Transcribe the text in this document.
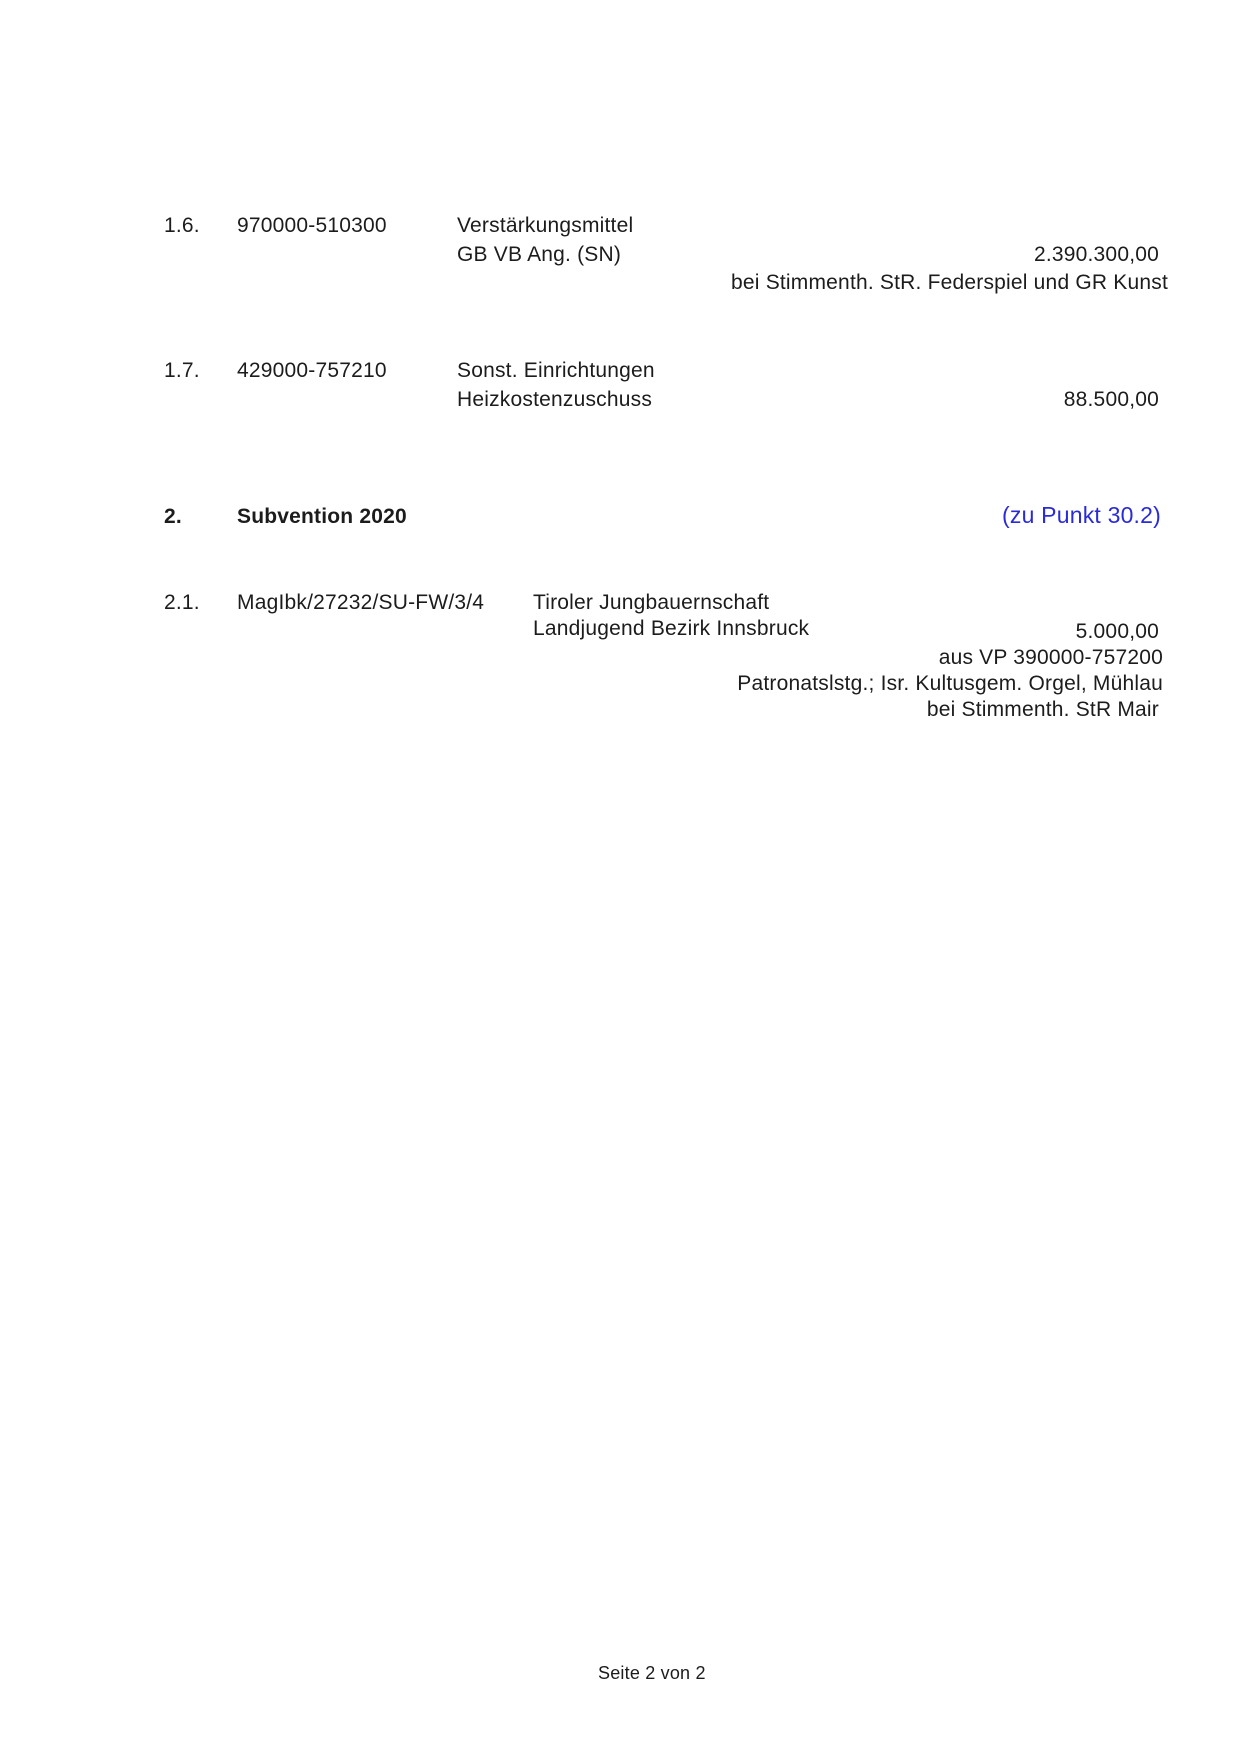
1.6. 970000-510300	Verstärkungsmittel
GB VB Ang. (SN)	2.390.300,00
bei Stimmenth. StR. Federspiel und GR Kunst
1.7. 429000-757210	Sonst. Einrichtungen
Heizkostenzuschuss	88.500,00
2.	Subvention 2020	(zu Punkt 30.2)
2.1. MagIbk/27232/SU-FW/3/4 Tiroler Jungbauernschaft
Landjugend Bezirk Innsbruck	5.000,00
aus VP 390000-757200
Patronatslstg.; Isr. Kultusgem. Orgel, Mühlau
bei Stimmenth. StR Mair
Seite 2 von 2
